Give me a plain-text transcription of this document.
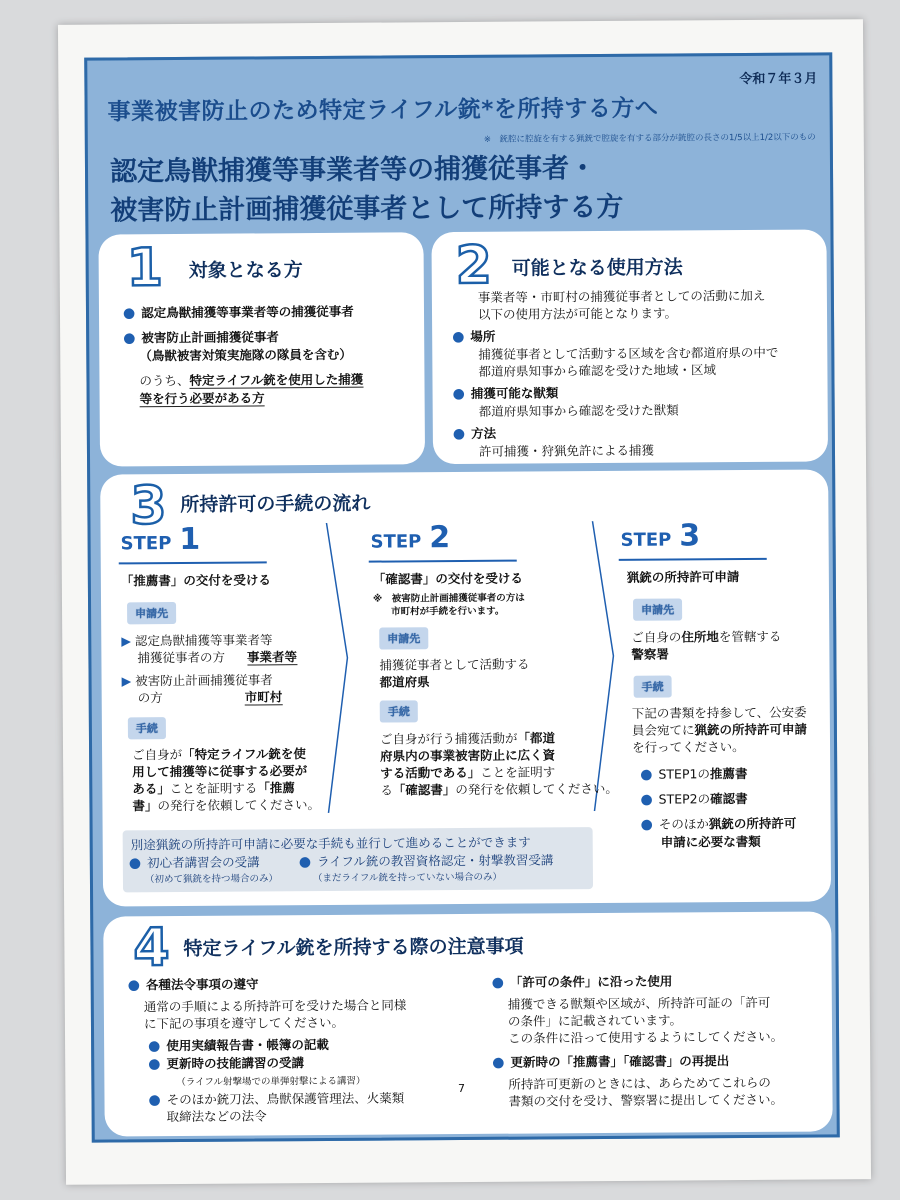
令和７年３月
事業被害防止のため特定ライフル銃*を所持する方へ
※　銃腔に腔旋を有する猟銃で腔旋を有する部分が銃腔の長さの1/5以上1/2以下のもの
認定鳥獣捕獲等事業者等の捕獲従事者・
被害防止計画捕獲従事者として所持する方
1 対象となる方
● 認定鳥獣捕獲等事業者等の捕獲従事者
● 被害防止計画捕獲従事者
（鳥獣被害対策実施隊の隊員を含む）
のうち、特定ライフル銃を使用した捕獲
等を行う必要がある方
2 可能となる使用方法
事業者等・市町村の捕獲従事者としての活動に加え
以下の使用方法が可能となります。
● 場所
捕獲従事者として活動する区域を含む都道府県の中で
都道府県知事から確認を受けた地域・区域
● 捕獲可能な獣類
都道府県知事から確認を受けた獣類
● 方法
許可捕獲・狩猟免許による捕獲
3 所持許可の手続の流れ
STEP 1
「推薦書」の交付を受ける
申請先
▶ 認定鳥獣捕獲等事業者等
捕獲従事者の方 事業者等
▶ 被害防止計画捕獲従事者
の方	市町村
手続
ご自身が「特定ライフル銃を使
用して捕獲等に従事する必要が
ある」ことを証明する「推薦
書」の発行を依頼してください。
STEP 2
「確認書」の交付を受ける
※　被害防止計画捕獲従事者の方は
市町村が手続を行います。
申請先
捕獲従事者として活動する
都道府県
手続
ご自身が行う捕獲活動が「都道
府県内の事業被害防止に広く資
する活動である」ことを証明す
る「確認書」の発行を依頼してください。
STEP 3
猟銃の所持許可申請
申請先
ご自身の住所地を管轄する
警察署
手続
下記の書類を持参して、公安委
員会宛てに猟銃の所持許可申請
を行ってください。
● STEP1の推薦書
● STEP2の確認書
● そのほか猟銃の所持許可
申請に必要な書類
別途猟銃の所持許可申請に必要な手続も並行して進めることができます
● 初心者講習会の受講
（初めて猟銃を持つ場合のみ）
● ライフル銃の教習資格認定・射撃教習受講
（まだライフル銃を持っていない場合のみ）
4 特定ライフル銃を所持する際の注意事項
● 各種法令事項の遵守
通常の手順による所持許可を受けた場合と同様
に下記の事項を遵守してください。
● 使用実績報告書・帳簿の記載
● 更新時の技能講習の受講
（ライフル射撃場での単弾射撃による講習）
● そのほか銃刀法、鳥獣保護管理法、火薬類
取締法などの法令
● 「許可の条件」に沿った使用
捕獲できる獣類や区域が、所持許可証の「許可
の条件」に記載されています。
この条件に沿って使用するようにしてください。
● 更新時の「推薦書」「確認書」の再提出
所持許可更新のときには、あらためてこれらの
書類の交付を受け、警察署に提出してください。
7
